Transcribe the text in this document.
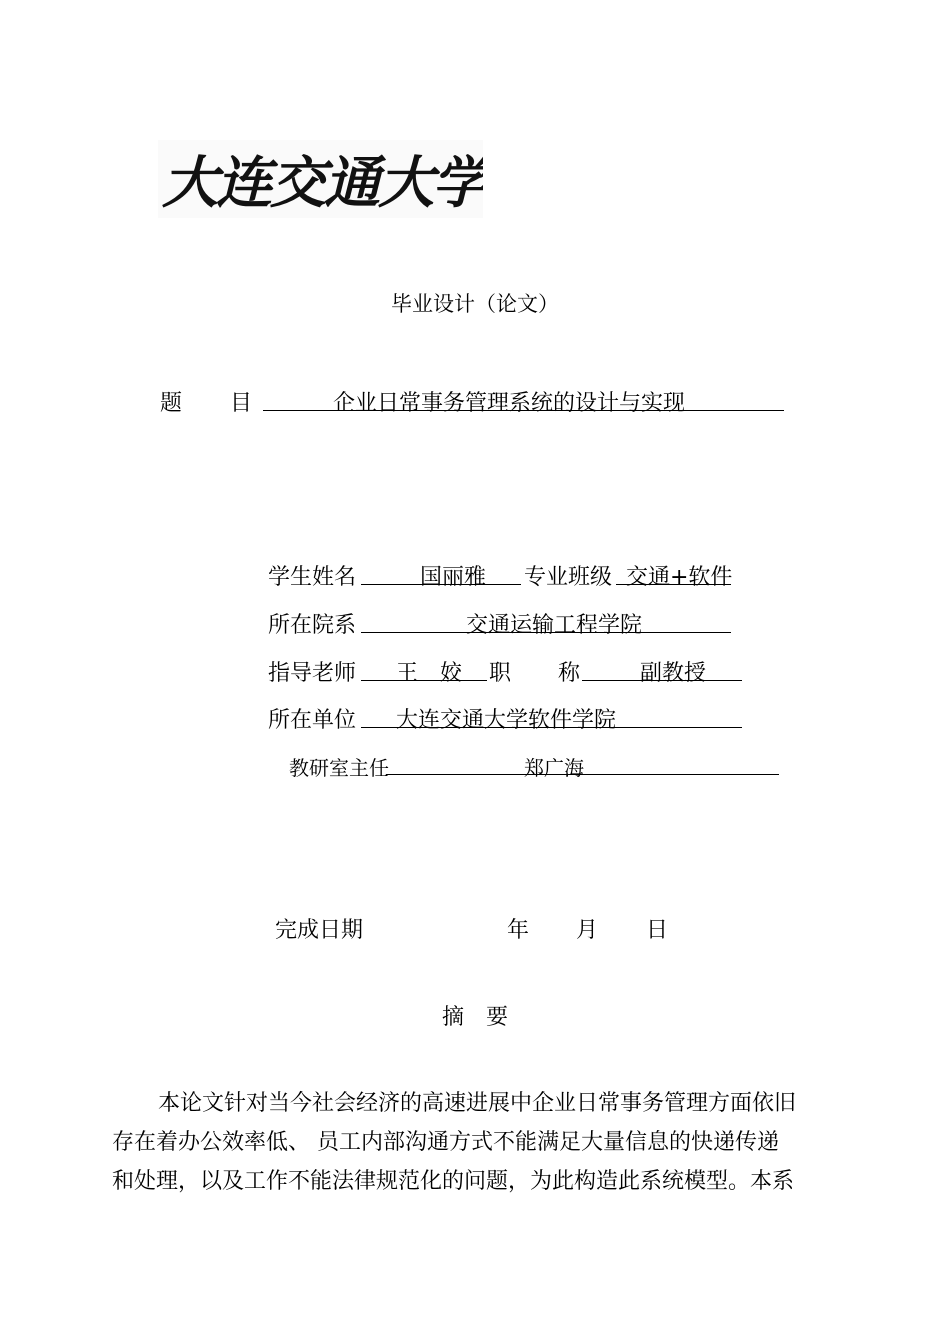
大连交通大学
毕业设计（论文）
题 目	企业日常事务管理系统的设计与实现
学生姓名	国丽雅 专业班级 交通+软件
所在院系	交通运输工程学院
指导老师 王　姣 职 称	副教授
所在单位 大连交通大学软件学院
教研室主任	郑广海
完成日期	年 月 日
摘　要

本论文针对当今社会经济的高速进展中企业日常事务管理方面依旧

存在着办公效率低、 员工内部沟通方式不能满足大量信息的快递传递

和处理，以及工作不能法律规范化的问题，为此构造此系统模型。本系
